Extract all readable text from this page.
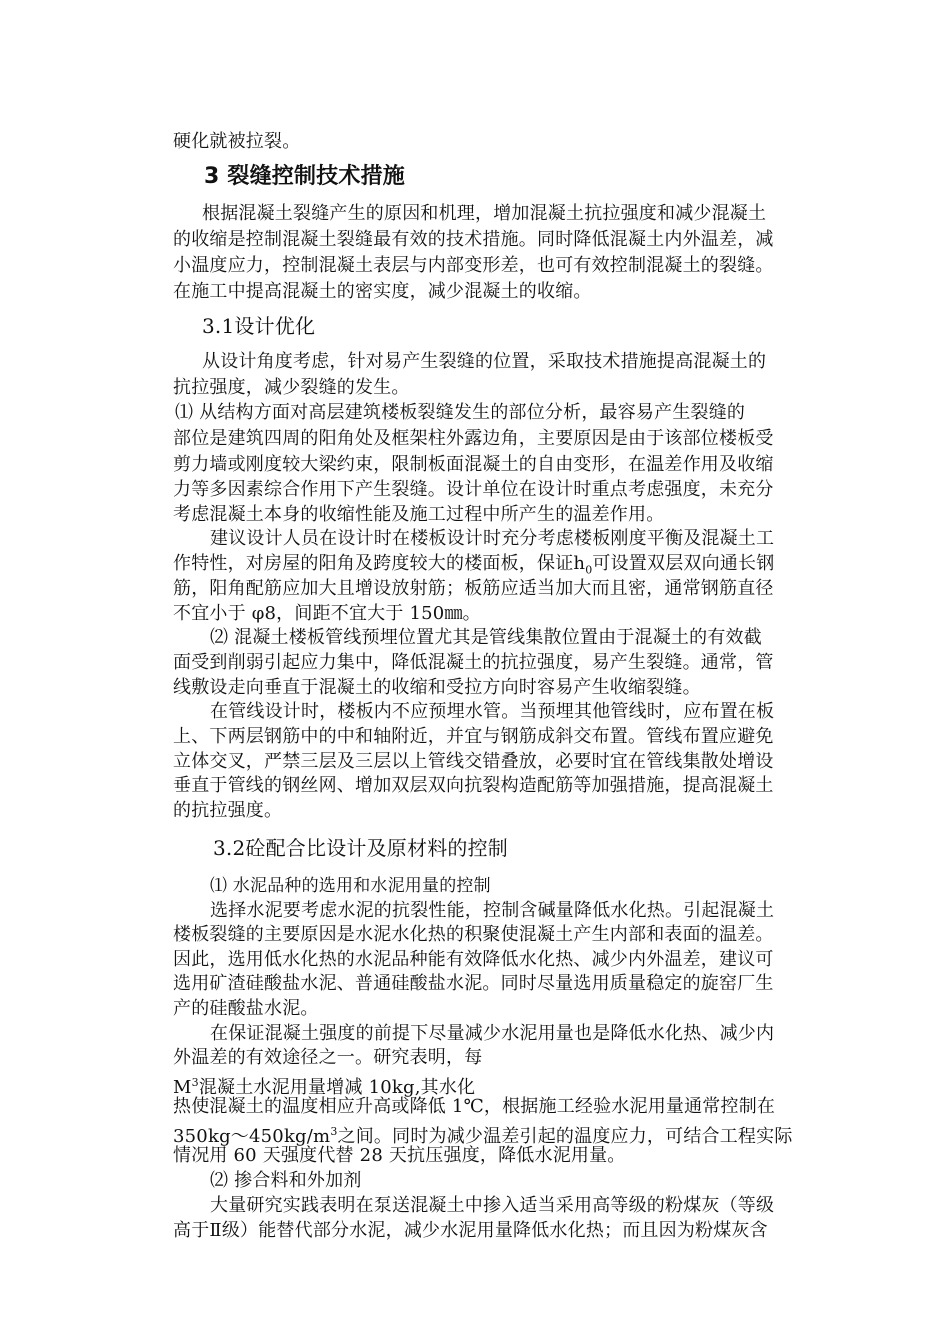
硬化就被拉裂。
3 裂缝控制技术措施
根据混凝土裂缝产生的原因和机理，增加混凝土抗拉强度和减少混凝土
的收缩是控制混凝土裂缝最有效的技术措施。同时降低混凝土内外温差，减
小温度应力，控制混凝土表层与内部变形差，也可有效控制混凝土的裂缝。
在施工中提高混凝土的密实度，减少混凝土的收缩。
3.1设计优化
从设计角度考虑，针对易产生裂缝的位置，采取技术措施提高混凝土的
抗拉强度，减少裂缝的发生。
⑴ 从结构方面对高层建筑楼板裂缝发生的部位分析，最容易产生裂缝的
部位是建筑四周的阳角处及框架柱外露边角，主要原因是由于该部位楼板受
剪力墙或刚度较大梁约束，限制板面混凝土的自由变形，在温差作用及收缩
力等多因素综合作用下产生裂缝。设计单位在设计时重点考虑强度，未充分
考虑混凝土本身的收缩性能及施工过程中所产生的温差作用。
建议设计人员在设计时在楼板设计时充分考虑楼板刚度平衡及混凝土工
作特性，对房屋的阳角及跨度较大的楼面板，保证$h_0$可设置双层双向通长钢
筋，阳角配筋应加大且增设放射筋；板筋应适当加大而且密，通常钢筋直径
不宜小于 φ8，间距不宜大于 150㎜。
⑵ 混凝土楼板管线预埋位置尤其是管线集散位置由于混凝土的有效截
面受到削弱引起应力集中，降低混凝土的抗拉强度，易产生裂缝。通常，管
线敷设走向垂直于混凝土的收缩和受拉方向时容易产生收缩裂缝。
在管线设计时，楼板内不应预埋水管。当预埋其他管线时，应布置在板
上、下两层钢筋中的中和轴附近，并宜与钢筋成斜交布置。管线布置应避免
立体交叉，严禁三层及三层以上管线交错叠放，必要时宜在管线集散处增设
垂直于管线的钢丝网、增加双层双向抗裂构造配筋等加强措施，提高混凝土
的抗拉强度。
3.2砼配合比设计及原材料的控制
⑴ 水泥品种的选用和水泥用量的控制
选择水泥要考虑水泥的抗裂性能，控制含碱量降低水化热。引起混凝土
楼板裂缝的主要原因是水泥水化热的积聚使混凝土产生内部和表面的温差。
因此，选用低水化热的水泥品种能有效降低水化热、减少内外温差，建议可
选用矿渣硅酸盐水泥、普通硅酸盐水泥。同时尽量选用质量稳定的旋窑厂生
产的硅酸盐水泥。
在保证混凝土强度的前提下尽量减少水泥用量也是降低水化热、减少内
外温差的有效途径之一。研究表明，每
$M^3$混凝土水泥用量增减 10kg,其水化
热使混凝土的温度相应升高或降低 1℃，根据施工经验水泥用量通常控制在
$350kg\sim 450kg/m^3$之间。同时为减少温差引起的温度应力，可结合工程实际
情况用 60 天强度代替 28 天抗压强度，降低水泥用量。
⑵ 掺合料和外加剂
大量研究实践表明在泵送混凝土中掺入适当采用高等级的粉煤灰（等级
高于Ⅱ级）能替代部分水泥，减少水泥用量降低水化热；而且因为粉煤灰含
